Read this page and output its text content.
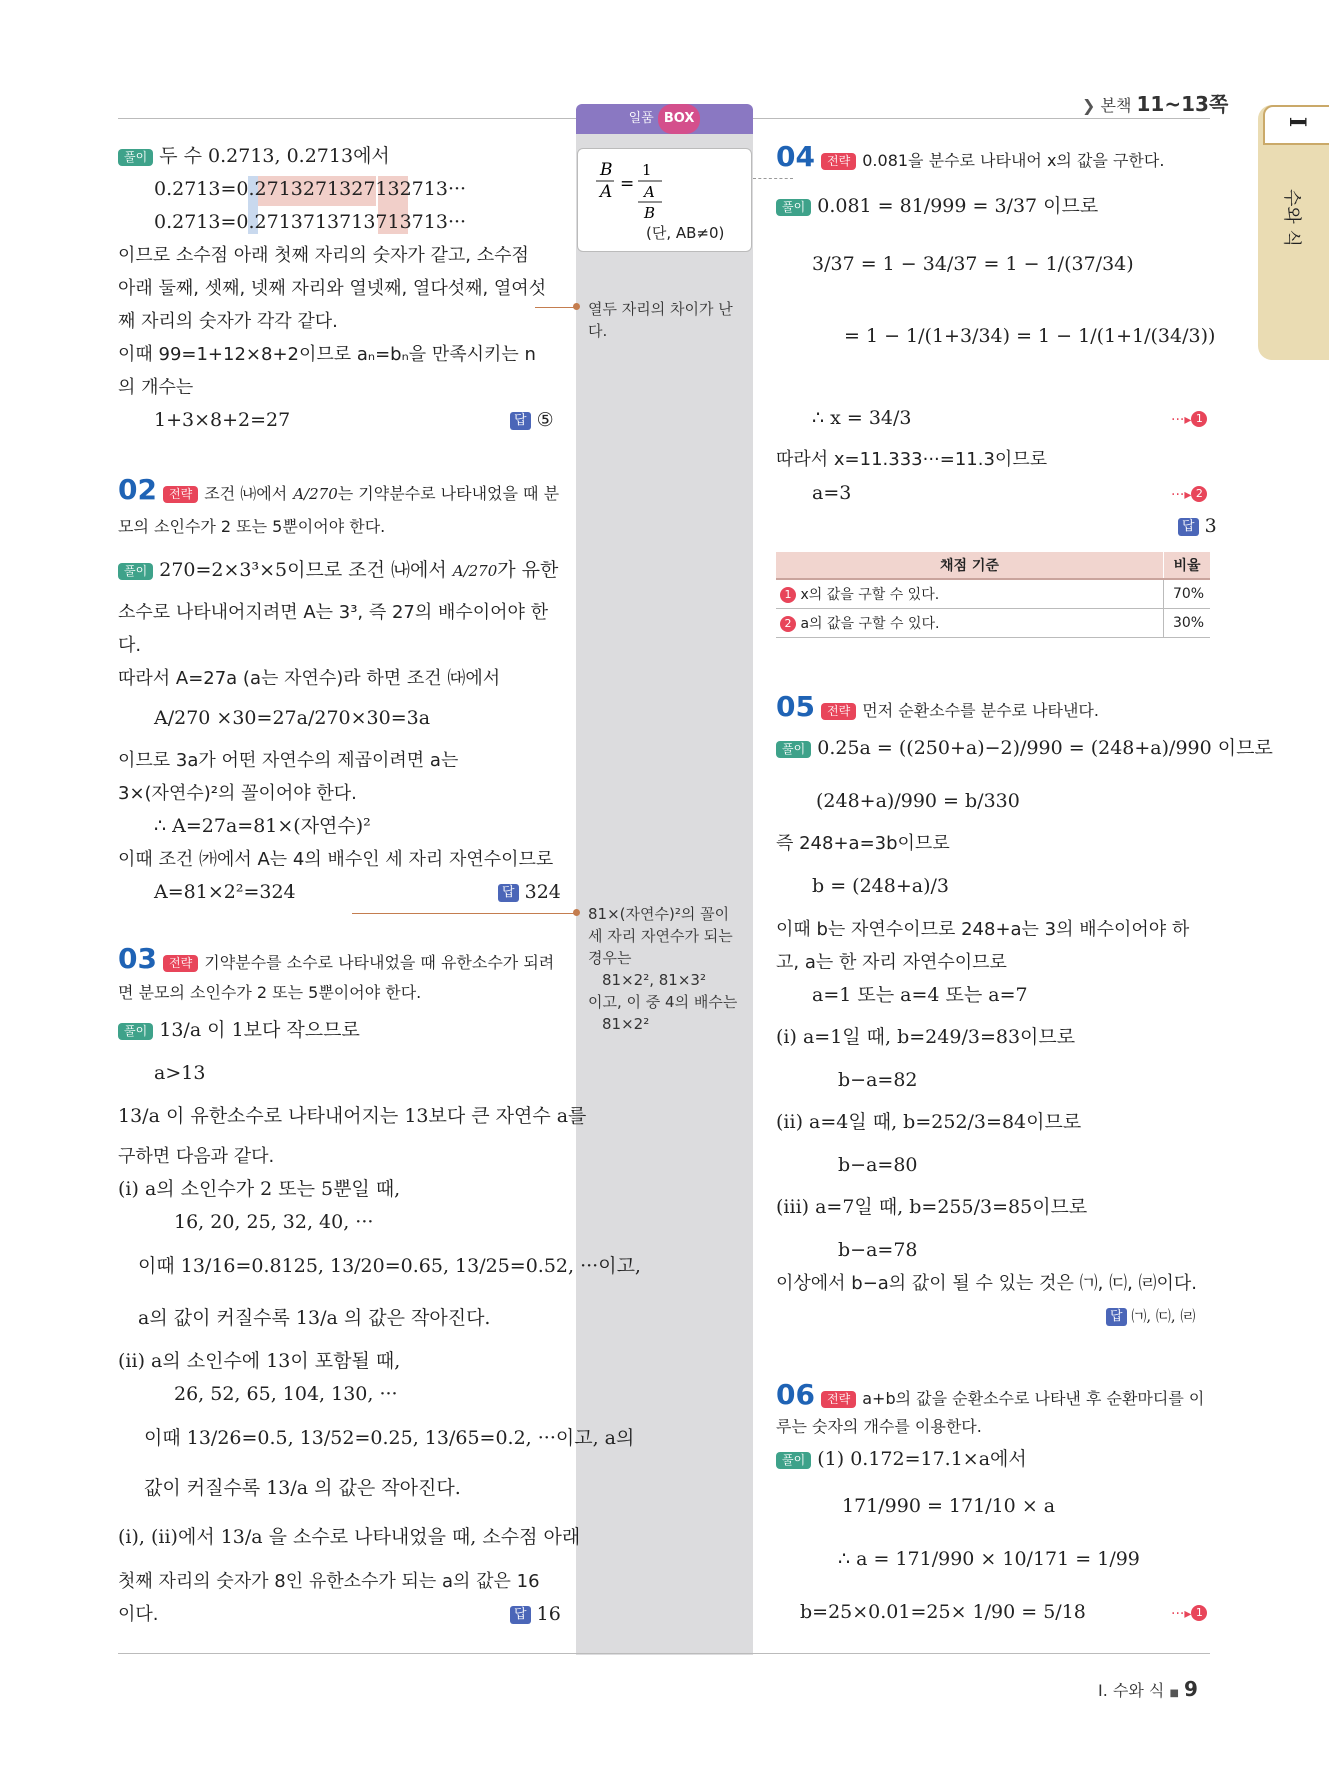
❯ 본책 11~13쪽
I
수와 식
일품 BOX
B
A =
1
A
B
(단, AB≠0)
열두 자리의 차이가 난다.
81×(자연수)²의 꼴이
세 자리 자연수가 되는
경우는
81×2², 81×3²
이고, 이 중 4의 배수는
81×2²
풀이 두 수 0.2713, 0.2713에서
0.2713=0.2713271327132713···
0.2713=0.2713713713713713···
이므로 소수점 아래 첫째 자리의 숫자가 같고, 소수점
아래 둘째, 셋째, 넷째 자리와 열넷째, 열다섯째, 열여섯
째 자리의 숫자가 각각 같다.
이때 99=1+12×8+2이므로 aₙ=bₙ을 만족시키는 n
의 개수는
1+3×8+2=27	답 ⑤
02 전략 조건 ㈏에서 A/270는 기약분수로 나타내었을 때 분
모의 소인수가 2 또는 5뿐이어야 한다.
풀이 270=2×3³×5이므로 조건 ㈏에서 A/270가 유한
소수로 나타내어지려면 A는 3³, 즉 27의 배수이어야 한
다.
따라서 A=27a (a는 자연수)라 하면 조건 ㈐에서
A/270 ×30=27a/270×30=3a
이므로 3a가 어떤 자연수의 제곱이려면 a는
3×(자연수)²의 꼴이어야 한다.
∴ A=27a=81×(자연수)²
이때 조건 ㈎에서 A는 4의 배수인 세 자리 자연수이므로
A=81×2²=324	답 324
03 전략 기약분수를 소수로 나타내었을 때 유한소수가 되려
면 분모의 소인수가 2 또는 5뿐이어야 한다.
풀이 13/a 이 1보다 작으므로
a>13
13/a 이 유한소수로 나타내어지는 13보다 큰 자연수 a를
구하면 다음과 같다.
(i) a의 소인수가 2 또는 5뿐일 때,
16, 20, 25, 32, 40, ···
이때 13/16=0.8125, 13/20=0.65, 13/25=0.52, ···이고,
a의 값이 커질수록 13/a 의 값은 작아진다.
(ii) a의 소인수에 13이 포함될 때,
26, 52, 65, 104, 130, ···
이때 13/26=0.5, 13/52=0.25, 13/65=0.2, ···이고, a의
값이 커질수록 13/a 의 값은 작아진다.
(i), (ii)에서 13/a 을 소수로 나타내었을 때, 소수점 아래
첫째 자리의 숫자가 8인 유한소수가 되는 a의 값은 16
이다.	답 16
04 전략 0.081을 분수로 나타내어 x의 값을 구한다.
풀이 0.081 = 81/999 = 3/37 이므로
3/37 = 1 − 34/37 = 1 − 1/(37/34)
= 1 − 1/(1+3/34) = 1 − 1/(1+1/(34/3))
∴ x = 34/3	···▸ 1
따라서 x=11.333···=11.3이므로
a=3	···▸ 2
답 3
채점 기준	비율
1 x의 값을 구할 수 있다.	70%
2 a의 값을 구할 수 있다.	30%
05 전략 먼저 순환소수를 분수로 나타낸다.
풀이 0.25a = ((250+a)−2)/990 = (248+a)/990 이므로
(248+a)/990 = b/330
즉 248+a=3b이므로
b = (248+a)/3
이때 b는 자연수이므로 248+a는 3의 배수이어야 하
고, a는 한 자리 자연수이므로
a=1 또는 a=4 또는 a=7
(i) a=1일 때, b=249/3=83이므로
b−a=82
(ii) a=4일 때, b=252/3=84이므로
b−a=80
(iii) a=7일 때, b=255/3=85이므로
b−a=78
이상에서 b−a의 값이 될 수 있는 것은 ㈀, ㈂, ㈃이다.
답 ㈀, ㈂, ㈃
06 전략 a+b의 값을 순환소수로 나타낸 후 순환마디를 이
루는 숫자의 개수를 이용한다.
풀이 (1) 0.172=17.1×a에서
171/990 = 171/10 × a
∴ a = 171/990 × 10/171 = 1/99
b=25×0.01=25× 1/90 = 5/18	···▸ 1
I. 수와 식 ■ 9
